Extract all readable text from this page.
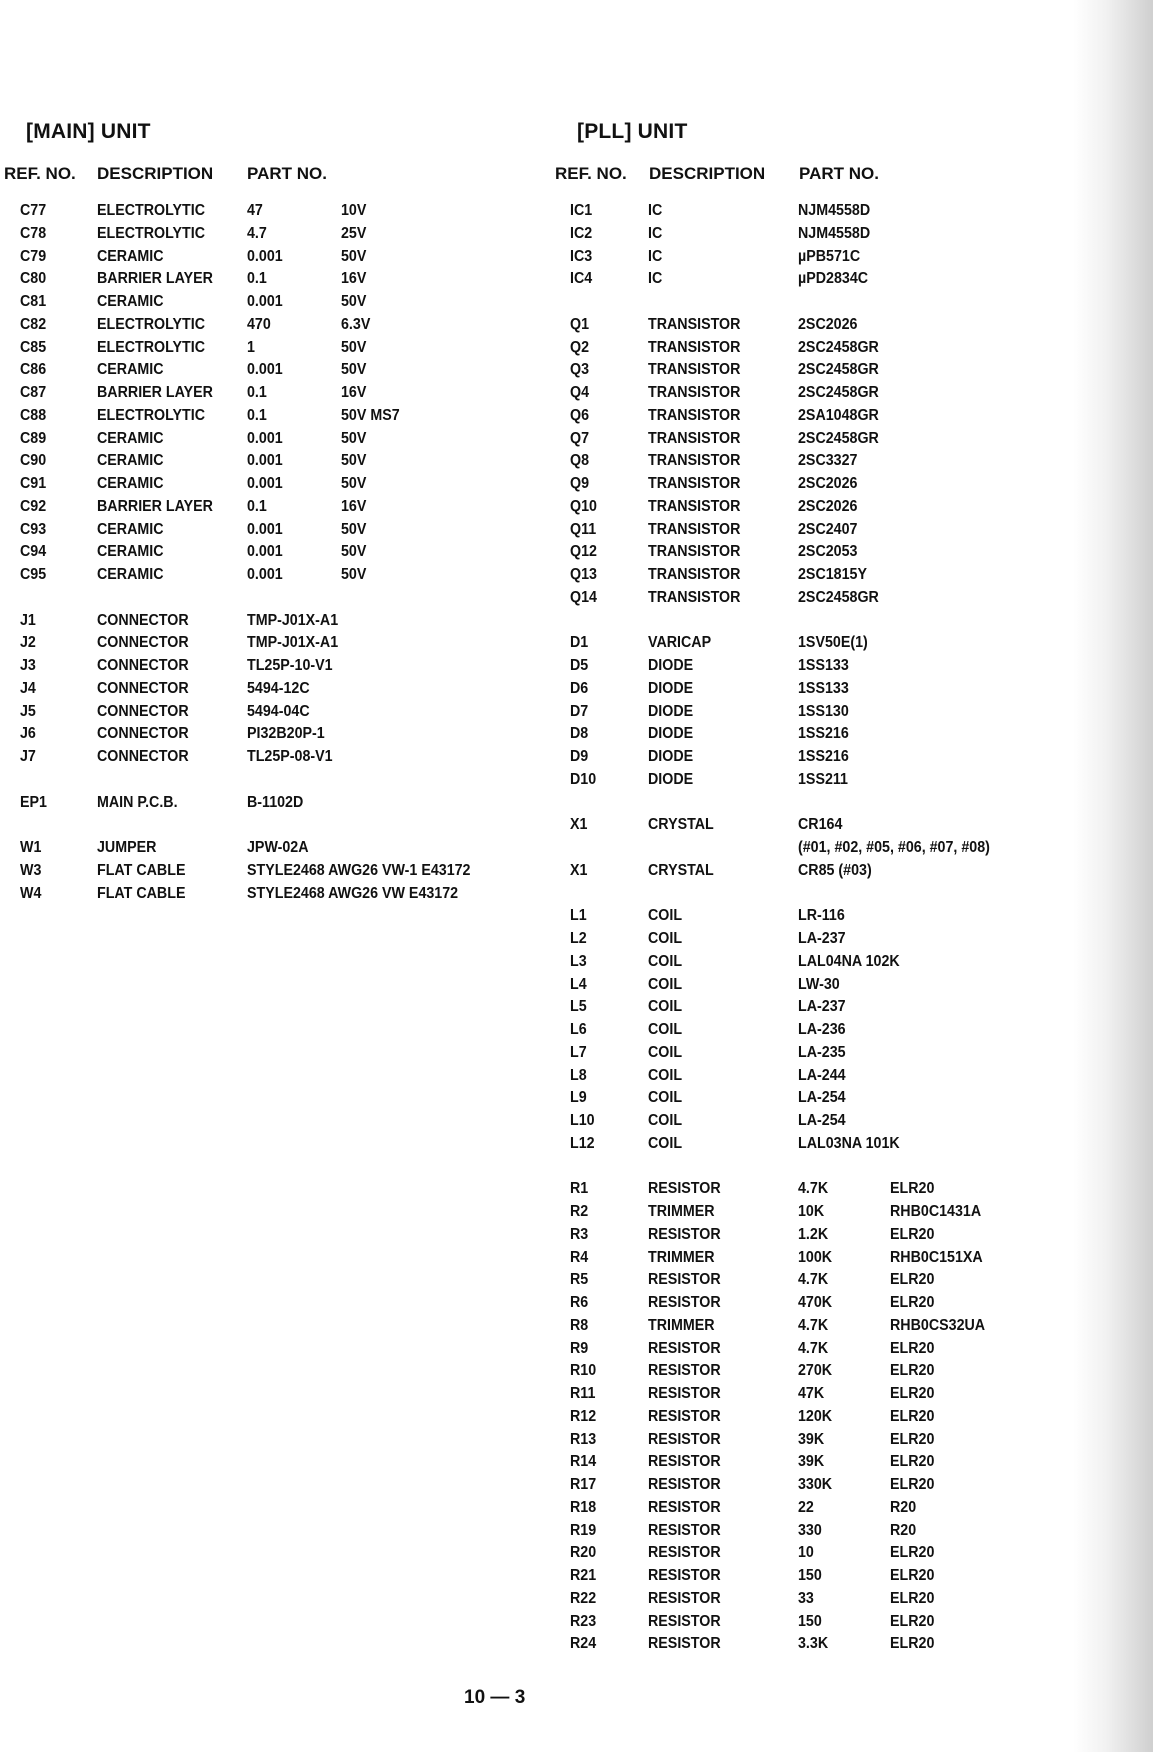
[MAIN] UNIT
REF. NO. DESCRIPTION PART NO.
C77	ELECTROLYTIC	47	10V
C78	ELECTROLYTIC	4.7	25V
C79	CERAMIC	0.001	50V
C80	BARRIER LAYER 0.1	16V
C81	CERAMIC	0.001	50V
C82	ELECTROLYTIC	470	6.3V
C85	ELECTROLYTIC	1	50V
C86	CERAMIC	0.001	50V
C87	BARRIER LAYER 0.1	16V
C88	ELECTROLYTIC	0.1	50V MS7
C89	CERAMIC	0.001	50V
C90	CERAMIC	0.001	50V
C91	CERAMIC	0.001	50V
C92	BARRIER LAYER 0.1	16V
C93	CERAMIC	0.001	50V
C94	CERAMIC	0.001	50V
C95	CERAMIC	0.001	50V
J1	CONNECTOR	TMP-J01X-A1
J2	CONNECTOR	TMP-J01X-A1
J3	CONNECTOR	TL25P-10-V1
J4	CONNECTOR	5494-12C
J5	CONNECTOR	5494-04C
J6	CONNECTOR	PI32B20P-1
J7	CONNECTOR	TL25P-08-V1
EP1	MAIN P.C.B.	B-1102D
W1	JUMPER	JPW-02A
W3	FLAT CABLE	STYLE2468 AWG26 VW-1 E43172
W4	FLAT CABLE	STYLE2468 AWG26 VW E43172
[PLL] UNIT
REF. NO. DESCRIPTION PART NO.
IC1	IC	NJM4558D
IC2	IC	NJM4558D
IC3	IC	µPB571C
IC4	IC	µPD2834C
Q1	TRANSISTOR	2SC2026
Q2	TRANSISTOR	2SC2458GR
Q3	TRANSISTOR	2SC2458GR
Q4	TRANSISTOR	2SC2458GR
Q6	TRANSISTOR	2SA1048GR
Q7	TRANSISTOR	2SC2458GR
Q8	TRANSISTOR	2SC3327
Q9	TRANSISTOR	2SC2026
Q10	TRANSISTOR	2SC2026
Q11	TRANSISTOR	2SC2407
Q12	TRANSISTOR	2SC2053
Q13	TRANSISTOR	2SC1815Y
Q14	TRANSISTOR	2SC2458GR
D1	VARICAP	1SV50E(1)
D5	DIODE	1SS133
D6	DIODE	1SS133
D7	DIODE	1SS130
D8	DIODE	1SS216
D9	DIODE	1SS216
D10	DIODE	1SS211
X1	CRYSTAL	CR164
(#01, #02, #05, #06, #07, #08)
X1	CRYSTAL	CR85 (#03)
L1	COIL	LR-116
L2	COIL	LA-237
L3	COIL	LAL04NA 102K
L4	COIL	LW-30
L5	COIL	LA-237
L6	COIL	LA-236
L7	COIL	LA-235
L8	COIL	LA-244
L9	COIL	LA-254
L10	COIL	LA-254
L12	COIL	LAL03NA 101K
R1	RESISTOR	4.7K	ELR20
R2	TRIMMER	10K	RHB0C1431A
R3	RESISTOR	1.2K	ELR20
R4	TRIMMER	100K	RHB0C151XA
R5	RESISTOR	4.7K	ELR20
R6	RESISTOR	470K	ELR20
R8	TRIMMER	4.7K	RHB0CS32UA
R9	RESISTOR	4.7K	ELR20
R10	RESISTOR	270K	ELR20
R11	RESISTOR	47K	ELR20
R12	RESISTOR	120K	ELR20
R13	RESISTOR	39K	ELR20
R14	RESISTOR	39K	ELR20
R17	RESISTOR	330K	ELR20
R18	RESISTOR	22	R20
R19	RESISTOR	330	R20
R20	RESISTOR	10	ELR20
R21	RESISTOR	150	ELR20
R22	RESISTOR	33	ELR20
R23	RESISTOR	150	ELR20
R24	RESISTOR	3.3K	ELR20
10 — 3
